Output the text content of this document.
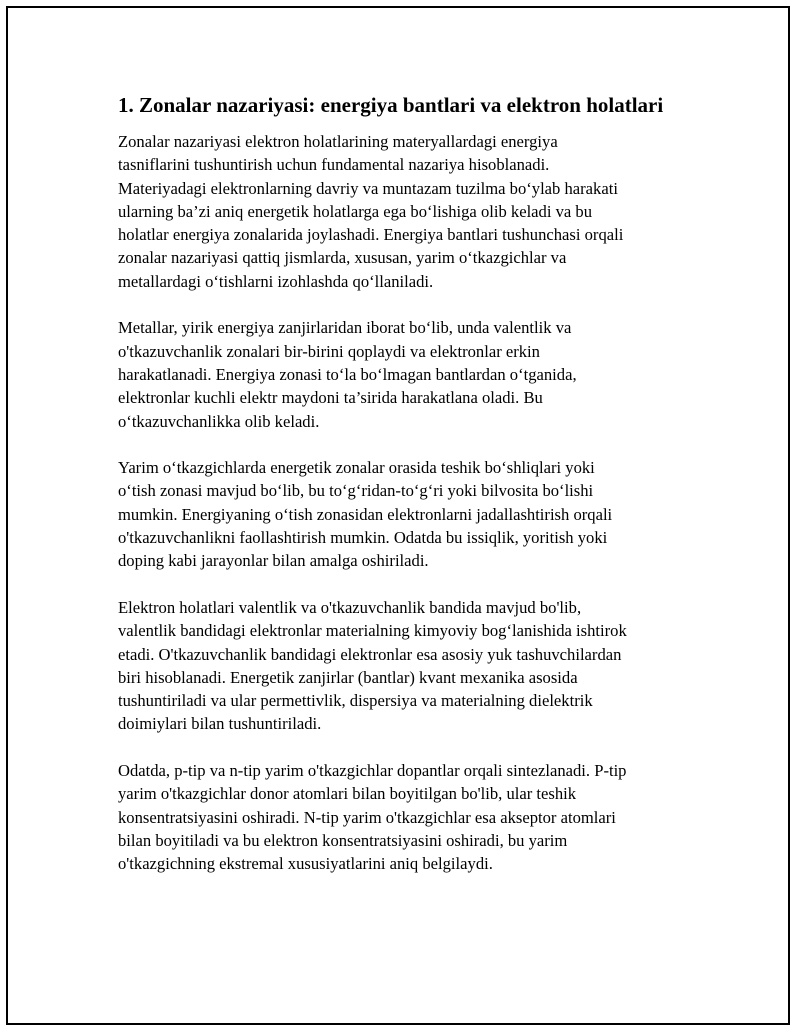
1. Zonalar nazariyasi: energiya bantlari va elektron holatlari

Zonalar nazariyasi elektron holatlarining materyallardagi energiya
tasniflarini tushuntirish uchun fundamental nazariya hisoblanadi.
Materiyadagi elektronlarning davriy va muntazam tuzilma bo‘ylab harakati
ularning ba’zi aniq energetik holatlarga ega bo‘lishiga olib keladi va bu
holatlar energiya zonalarida joylashadi. Energiya bantlari tushunchasi orqali
zonalar nazariyasi qattiq jismlarda, xususan, yarim o‘tkazgichlar va
metallardagi o‘tishlarni izohlashda qo‘llaniladi.

Metallar, yirik energiya zanjirlaridan iborat bo‘lib, unda valentlik va
o'tkazuvchanlik zonalari bir-birini qoplaydi va elektronlar erkin
harakatlanadi. Energiya zonasi to‘la bo‘lmagan bantlardan o‘tganida,
elektronlar kuchli elektr maydoni ta’sirida harakatlana oladi. Bu
o‘tkazuvchanlikka olib keladi.

Yarim o‘tkazgichlarda energetik zonalar orasida teshik bo‘shliqlari yoki
o‘tish zonasi mavjud bo‘lib, bu to‘g‘ridan-to‘g‘ri yoki bilvosita bo‘lishi
mumkin. Energiyaning o‘tish zonasidan elektronlarni jadallashtirish orqali
o'tkazuvchanlikni faollashtirish mumkin. Odatda bu issiqlik, yoritish yoki
doping kabi jarayonlar bilan amalga oshiriladi.

Elektron holatlari valentlik va o'tkazuvchanlik bandida mavjud bo'lib,
valentlik bandidagi elektronlar materialning kimyoviy bog‘lanishida ishtirok
etadi. O'tkazuvchanlik bandidagi elektronlar esa asosiy yuk tashuvchilardan
biri hisoblanadi. Energetik zanjirlar (bantlar) kvant mexanika asosida
tushuntiriladi va ular permettivlik, dispersiya va materialning dielektrik
doimiylari bilan tushuntiriladi.

Odatda, p-tip va n-tip yarim o'tkazgichlar dopantlar orqali sintezlanadi. P-tip
yarim o'tkazgichlar donor atomlari bilan boyitilgan bo'lib, ular teshik
konsentratsiyasini oshiradi. N-tip yarim o'tkazgichlar esa akseptor atomlari
bilan boyitiladi va bu elektron konsentratsiyasini oshiradi, bu yarim
o'tkazgichning ekstremal xususiyatlarini aniq belgilaydi.
